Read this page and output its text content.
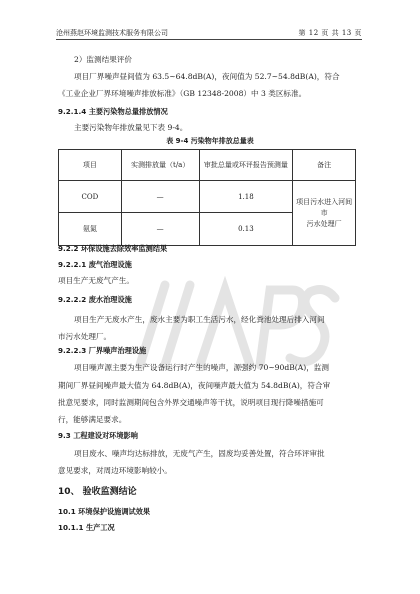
沧州燕赵环境监测技术服务有限公司	第 12 页 共 13 页
2）监测结果评价
项目厂界噪声昼间值为 63.5~64.8dB(A)，夜间值为 52.7~54.8dB(A)，符合
《工业企业厂界环境噪声排放标准》（GB 12348-2008）中 3 类区标准。
9.2.1.4 主要污染物总量排放情况
主要污染物年排放量见下表 9-4。
表 9-4 污染物年排放总量表
项目	实测排放量（t/a）	审批总量或环评报告预测量	备注
COD	—	1.18	项目污水进入河间市
污水处理厂
氨氮	—	0.13	
9.2.2 环保设施去除效率监测结果
9.2.2.1 废气治理设施
项目生产无废气产生。
9.2.2.2 废水治理设施
项目生产无废水产生，废水主要为职工生活污水，经化粪池处理后排入河间
市污水处理厂。
9.2.2.3 厂界噪声治理设施
项目噪声源主要为生产设备运行时产生的噪声，源强约 70~90dB(A)，监测
期间厂界昼间噪声最大值为 64.8dB(A)，夜间噪声最大值为 54.8dB(A)，符合审
批意见要求，同时监测期间包含外界交通噪声等干扰，说明项目现行降噪措施可
行，能够满足要求。
9.3 工程建设对环境影响
项目废水、噪声均达标排放，无废气产生，固废均妥善处置，符合环评审批
意见要求，对周边环境影响较小。
10、 验收监测结论
10.1 环境保护设施调试效果
10.1.1 生产工况
